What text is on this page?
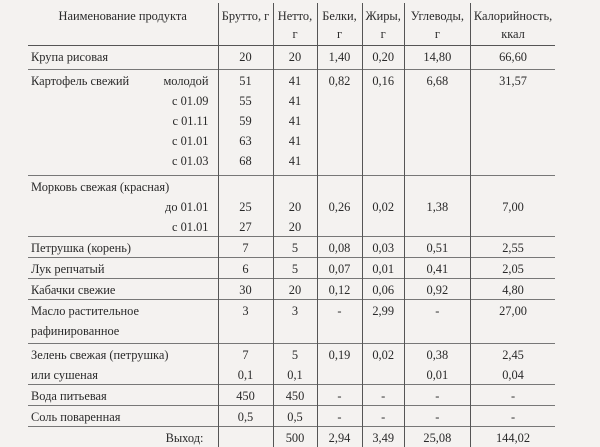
Наименование продукта	Брутто, г	Нетто, г	Белки, г	Жиры, г	Углеводы, г	Калорийность, ккал
Крупа рисовая	20	20	1,40	0,20	14,80	66,60
Картофель свежий молодой	51	41	0,82	0,16	6,68	31,57

с 01.09	55	41				

с 01.11	59	41				

с 01.01	63	41				

с 01.03	68	41				
Морковь свежая (красная)						

до 01.01	25	20	0,26	0,02	1,38	7,00

с 01.01	27	20				
Петрушка (корень)	7	5	0,08	0,03	0,51	2,55
Лук репчатый	6	5	0,07	0,01	0,41	2,05
Кабачки свежие	30	20	0,12	0,06	0,92	4,80
Масло растительное	3	3	-	2,99	-	27,00
рафинированное						
Зелень свежая (петрушка)	7	5	0,19	0,02	0,38	2,45
или сушеная	0,1	0,1			0,01	0,04
Вода питьевая	450	450	-	-	-	-
Соль поваренная	0,5	0,5	-	-	-	-
Выход:		500	2,94	3,49	25,08	144,02
